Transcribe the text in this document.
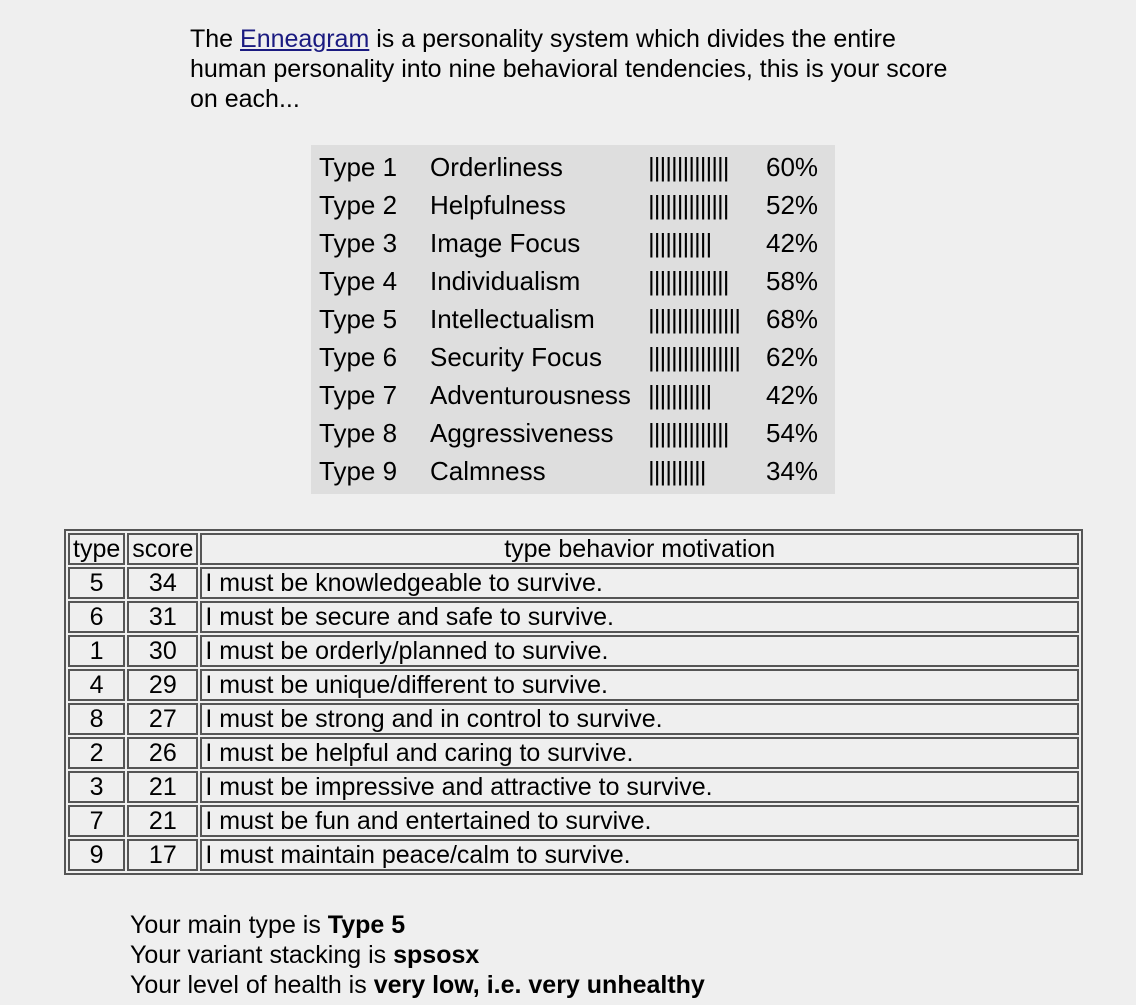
The Enneagram is a personality system which divides the entire human personality into nine behavioral tendencies, this is your score on each...
Type 1 Orderliness	|||||||||||||| 60%
Type 2 Helpfulness	|||||||||||||| 52%
Type 3 Image Focus	||||||||||| 42%
Type 4 Individualism	|||||||||||||| 58%
Type 5 Intellectualism |||||||||||||||| 68%
Type 6 Security Focus |||||||||||||||| 62%
Type 7 Adventurousness ||||||||||| 42%
Type 8 Aggressiveness |||||||||||||| 54%
Type 9 Calmness	|||||||||| 34%
type	score	type behavior motivation
5	34	I must be knowledgeable to survive.
6	31	I must be secure and safe to survive.
1	30	I must be orderly/planned to survive.
4	29	I must be unique/different to survive.
8	27	I must be strong and in control to survive.
2	26	I must be helpful and caring to survive.
3	21	I must be impressive and attractive to survive.
7	21	I must be fun and entertained to survive.
9	17	I must maintain peace/calm to survive.
Your main type is Type 5
Your variant stacking is spsosx
Your level of health is very low, i.e. very unhealthy
